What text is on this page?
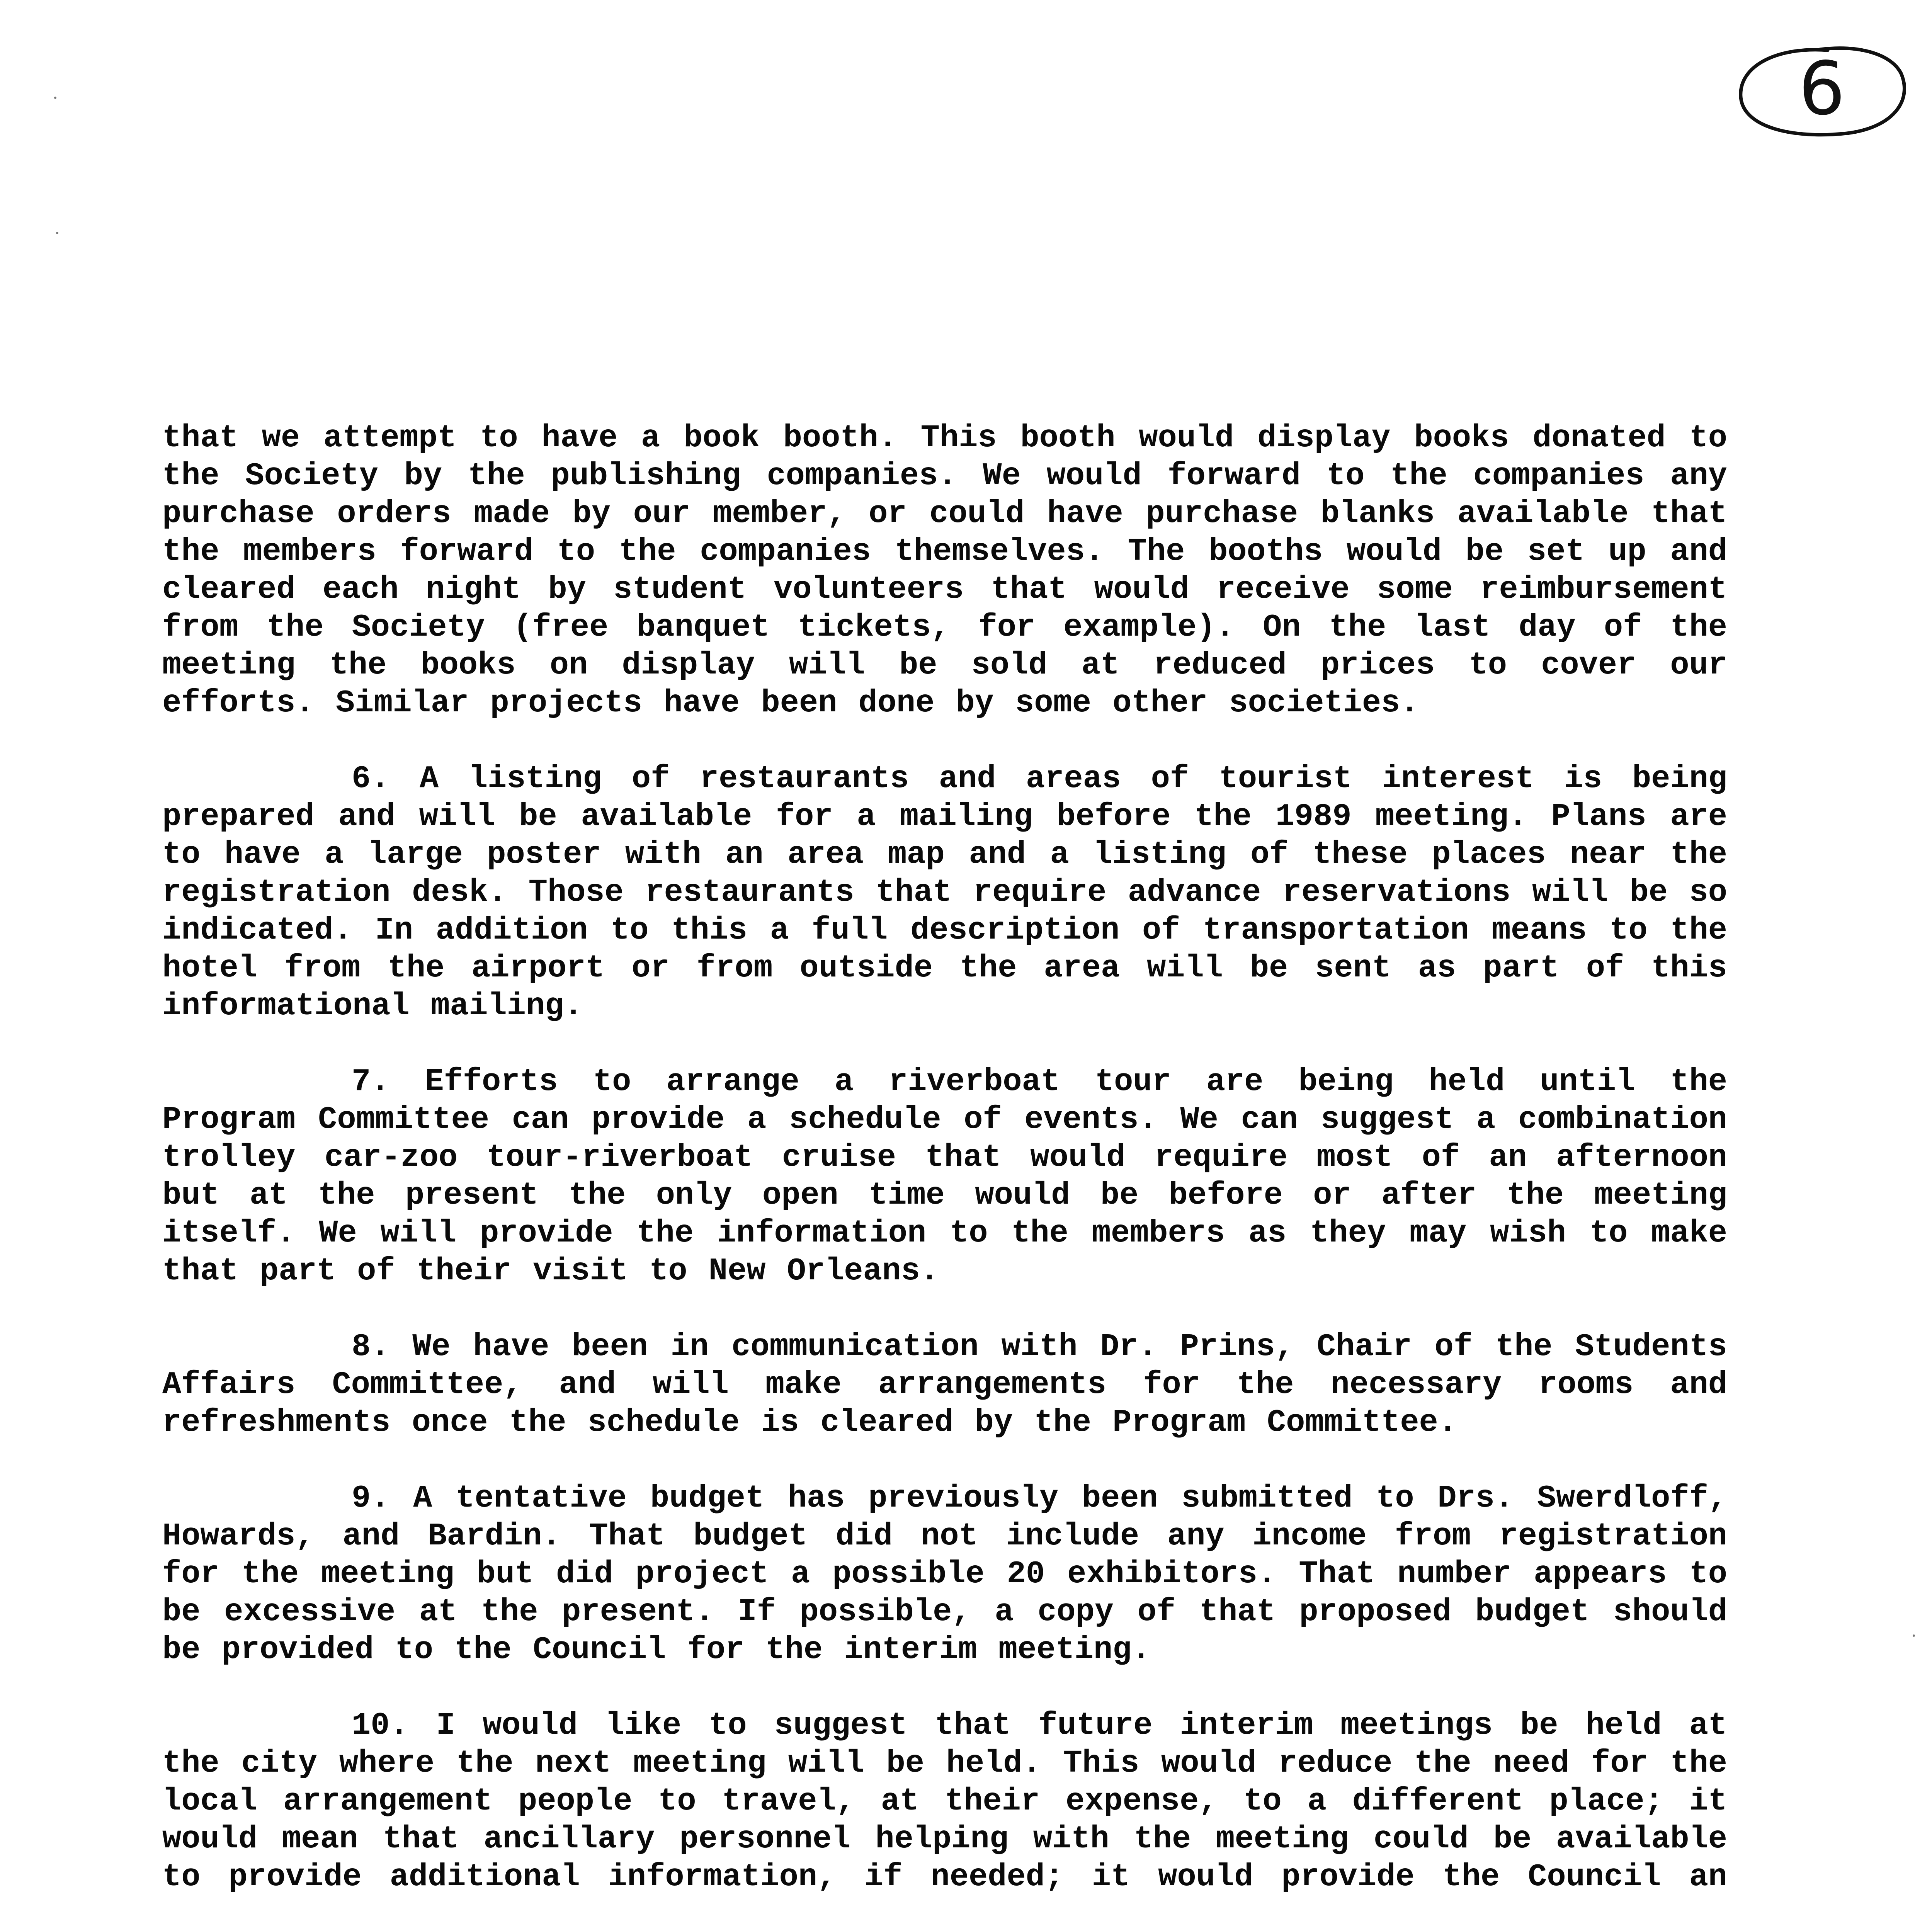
6

that we attempt to have a book booth. This booth would display books donated to the Society by the publishing companies. We would forward to the companies any purchase orders made by our member, or could have purchase blanks available that the members forward to the companies themselves. The booths would be set up and cleared each night by student volunteers that would receive some reimbursement from the Society (free banquet tickets, for example). On the last day of the meeting the books on display will be sold at reduced prices to cover our efforts. Similar projects have been done by some other societies.

6. A listing of restaurants and areas of tourist interest is being prepared and will be available for a mailing before the 1989 meeting. Plans are to have a large poster with an area map and a listing of these places near the registration desk. Those restaurants that require advance reservations will be so indicated. In addition to this a full description of transportation means to the hotel from the airport or from outside the area will be sent as part of this informational mailing.

7. Efforts to arrange a riverboat tour are being held until the Program Committee can provide a schedule of events. We can suggest a combination trolley car-zoo tour-riverboat cruise that would require most of an afternoon but at the present the only open time would be before or after the meeting itself. We will provide the information to the members as they may wish to make that part of their visit to New Orleans.

8. We have been in communication with Dr. Prins, Chair of the Students Affairs Committee, and will make arrangements for the necessary rooms and refreshments once the schedule is cleared by the Program Committee.

9. A tentative budget has previously been submitted to Drs. Swerdloff, Howards, and Bardin. That budget did not include any income from registration for the meeting but did project a possible 20 exhibitors. That number appears to be excessive at the present. If possible, a copy of that proposed budget should be provided to the Council for the interim meeting.

10. I would like to suggest that future interim meetings be held at the city where the next meeting will be held. This would reduce the need for the local arrangement people to travel, at their expense, to a different place; it would mean that ancillary personnel helping with the meeting could be available to provide additional information, if needed; it would provide the Council an
